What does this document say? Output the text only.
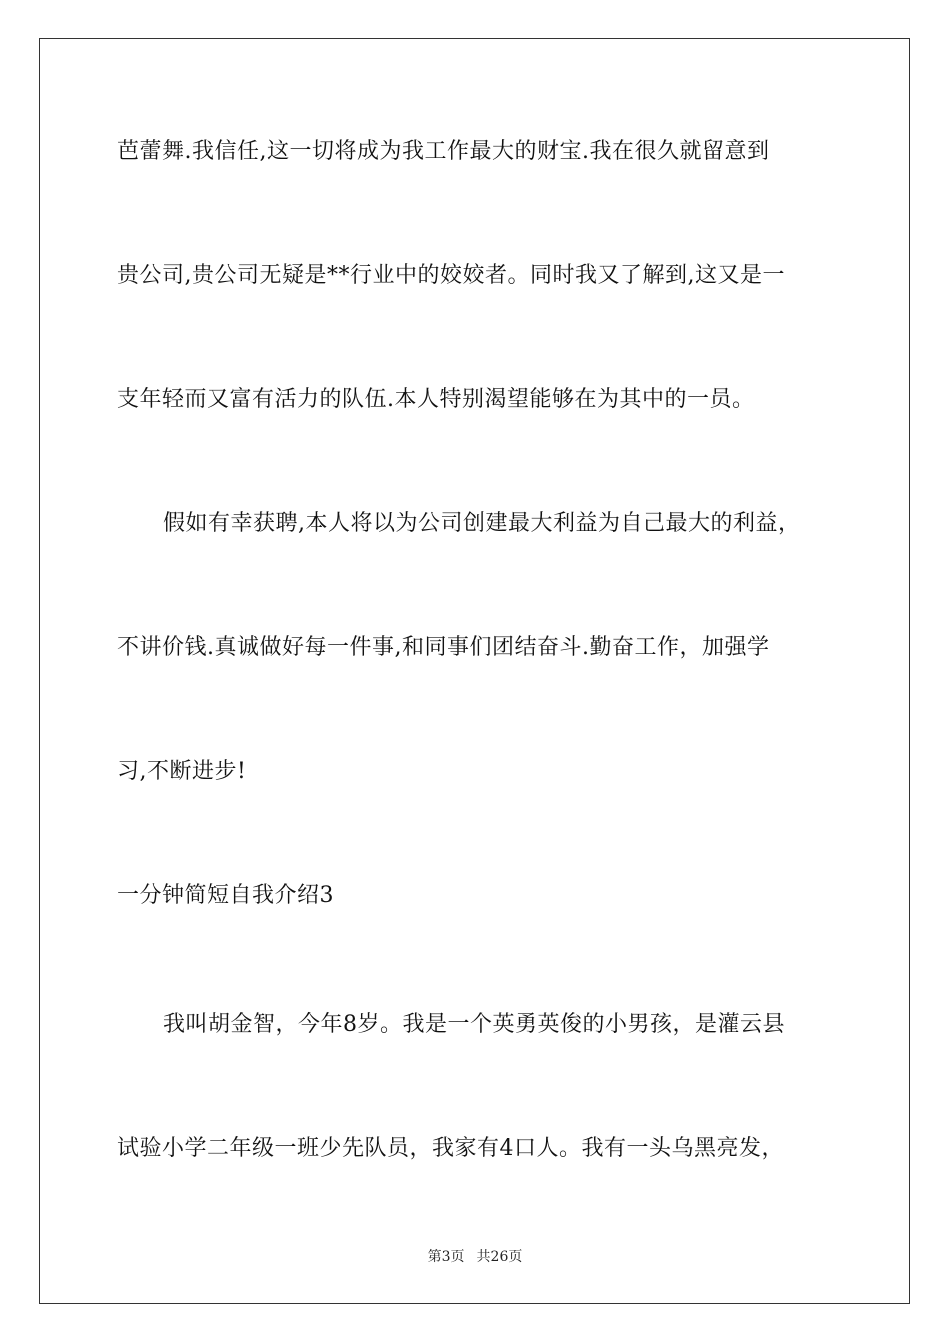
芭蕾舞.我信任,这一切将成为我工作最大的财宝.我在很久就留意到
贵公司,贵公司无疑是**行业中的姣姣者。同时我又了解到,这又是一
支年轻而又富有活力的队伍.本人特别渴望能够在为其中的一员。
假如有幸获聘,本人将以为公司创建最大利益为自己最大的利益，
不讲价钱.真诚做好每一件事,和同事们团结奋斗.勤奋工作，加强学
习,不断进步!
一分钟简短自我介绍3
我叫胡金智，今年8岁。我是一个英勇英俊的小男孩，是灌云县
试验小学二年级一班少先队员，我家有4口人。我有一头乌黑亮发，
第3页 共26页
